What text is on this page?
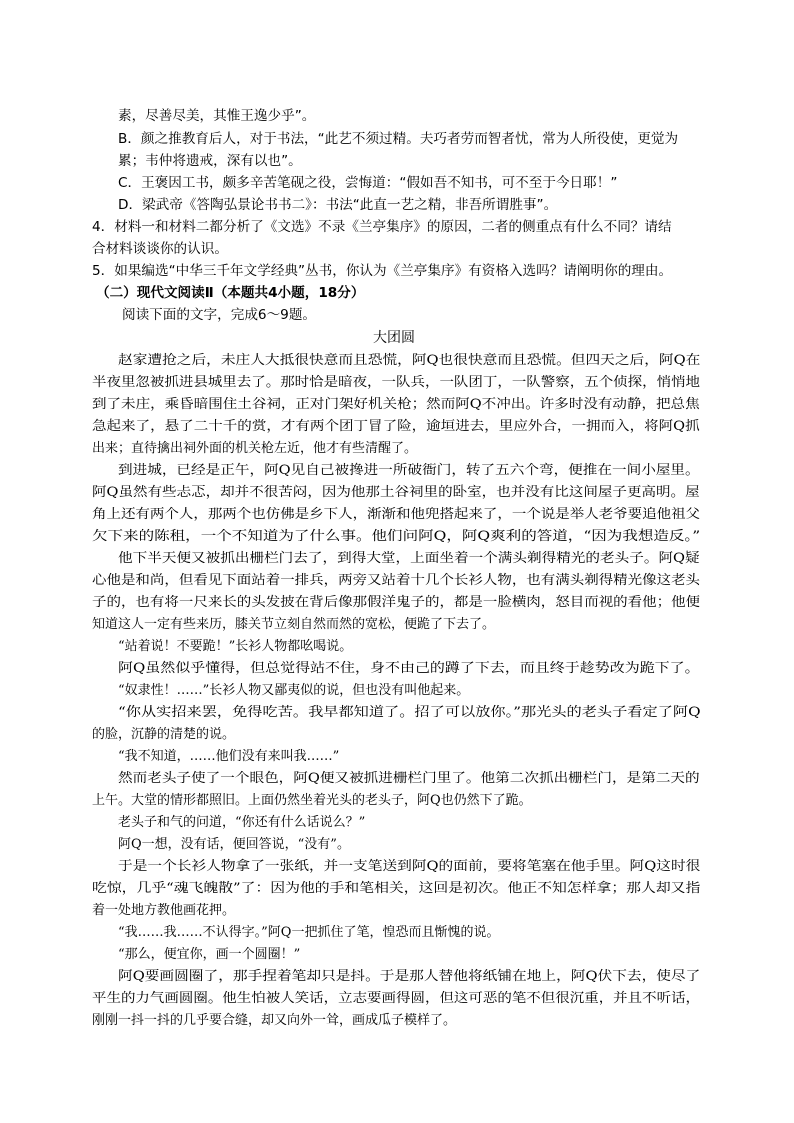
素，尽善尽美，其惟王逸少乎”。
B．颜之推教育后人，对于书法，“此艺不须过精。夫巧者劳而智者忧，常为人所役使，更觉为
累；韦仲将遗戒，深有以也”。
C．王褒因工书，颇多辛苦笔砚之役，尝悔道：“假如吾不知书，可不至于今日耶！”
D．梁武帝《答陶弘景论书书二》：书法“此直一艺之精，非吾所谓胜事”。
4．材料一和材料二都分析了《文选》不录《兰亭集序》的原因，二者的侧重点有什么不同？请结
合材料谈谈你的认识。
5．如果编选“中华三千年文学经典”丛书，你认为《兰亭集序》有资格入选吗？请阐明你的理由。
（二）现代文阅读Ⅱ（本题共4小题，18分）
阅读下面的文字，完成6～9题。
大团圆
赵家遭抢之后，未庄人大抵很快意而且恐慌，阿Q也很快意而且恐慌。但四天之后，阿Q在
半夜里忽被抓进县城里去了。那时恰是暗夜，一队兵，一队团丁，一队警察，五个侦探，悄悄地
到了未庄，乘昏暗围住土谷祠，正对门架好机关枪；然而阿Q不冲出。许多时没有动静，把总焦
急起来了，悬了二十千的赏，才有两个团丁冒了险，逾垣进去，里应外合，一拥而入，将阿Q抓
出来；直待擒出祠外面的机关枪左近，他才有些清醒了。
到进城，已经是正午，阿Q见自己被搀进一所破衙门，转了五六个弯，便推在一间小屋里。
阿Q虽然有些忐忑，却并不很苦闷，因为他那土谷祠里的卧室，也并没有比这间屋子更高明。屋
角上还有两个人，那两个也仿佛是乡下人，渐渐和他兜搭起来了，一个说是举人老爷要追他祖父
欠下来的陈租，一个不知道为了什么事。他们问阿Q，阿Q爽利的答道，“因为我想造反。”
他下半天便又被抓出栅栏门去了，到得大堂，上面坐着一个满头剃得精光的老头子。阿Q疑
心他是和尚，但看见下面站着一排兵，两旁又站着十几个长衫人物，也有满头剃得精光像这老头
子的，也有将一尺来长的头发披在背后像那假洋鬼子的，都是一脸横肉，怒目而视的看他；他便
知道这人一定有些来历，膝关节立刻自然而然的宽松，便跪了下去了。
“站着说！不要跪！”长衫人物都吆喝说。
阿Q虽然似乎懂得，但总觉得站不住，身不由己的蹲了下去，而且终于趁势改为跪下了。
“奴隶性！……”长衫人物又鄙夷似的说，但也没有叫他起来。
“你从实招来罢，免得吃苦。我早都知道了。招了可以放你。”那光头的老头子看定了阿Q
的脸，沉静的清楚的说。
“我不知道，……他们没有来叫我……”
然而老头子使了一个眼色，阿Q便又被抓进栅栏门里了。他第二次抓出栅栏门，是第二天的
上午。大堂的情形都照旧。上面仍然坐着光头的老头子，阿Q也仍然下了跪。
老头子和气的问道，“你还有什么话说么？”
阿Q一想，没有话，便回答说，“没有”。
于是一个长衫人物拿了一张纸，并一支笔送到阿Q的面前，要将笔塞在他手里。阿Q这时很
吃惊，几乎“魂飞魄散”了：因为他的手和笔相关，这回是初次。他正不知怎样拿；那人却又指
着一处地方教他画花押。
“我……我……不认得字。”阿Q一把抓住了笔，惶恐而且惭愧的说。
“那么，便宜你，画一个圆圈！”
阿Q要画圆圈了，那手捏着笔却只是抖。于是那人替他将纸铺在地上，阿Q伏下去，使尽了
平生的力气画圆圈。他生怕被人笑话，立志要画得圆，但这可恶的笔不但很沉重，并且不听话，
刚刚一抖一抖的几乎要合缝，却又向外一耸，画成瓜子模样了。
